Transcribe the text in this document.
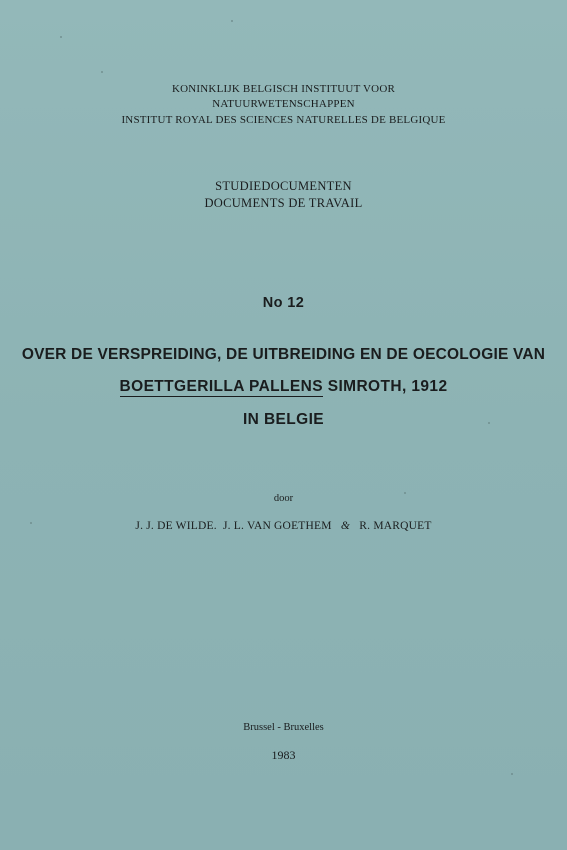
KONINKLIJK BELGISCH INSTITUUT VOOR
NATUURWETENSCHAPPEN
INSTITUT ROYAL DES SCIENCES NATURELLES DE BELGIQUE
STUDIEDOCUMENTEN
DOCUMENTS DE TRAVAIL
No 12
OVER DE VERSPREIDING, DE UITBREIDING EN DE OECOLOGIE VAN
BOETTGERILLA PALLENS SIMROTH, 1912
IN BELGIE
door
J. J. DE WILDE. J. L. VAN GOETHEM & R. MARQUET
Brussel - Bruxelles
1983
